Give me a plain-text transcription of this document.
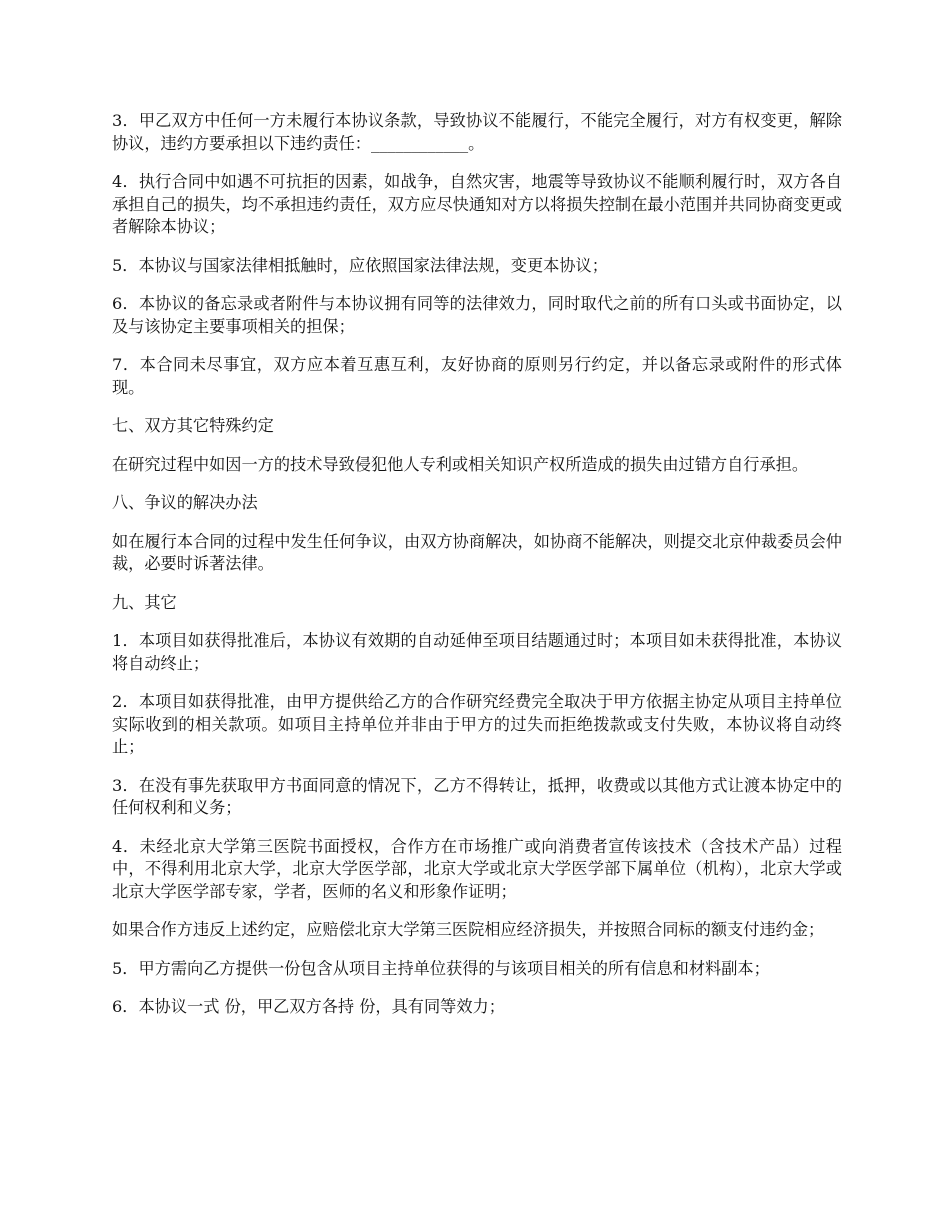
3．甲乙双方中任何一方未履行本协议条款，导致协议不能履行，不能完全履行，对方有权变更，解除协议，违约方要承担以下违约责任：____________。

4．执行合同中如遇不可抗拒的因素，如战争，自然灾害，地震等导致协议不能顺利履行时，双方各自承担自己的损失，均不承担违约责任，双方应尽快通知对方以将损失控制在最小范围并共同协商变更或者解除本协议；

5．本协议与国家法律相抵触时，应依照国家法律法规，变更本协议；

6．本协议的备忘录或者附件与本协议拥有同等的法律效力，同时取代之前的所有口头或书面协定，以及与该协定主要事项相关的担保；

7．本合同未尽事宜，双方应本着互惠互利，友好协商的原则另行约定，并以备忘录或附件的形式体现。

七、双方其它特殊约定

在研究过程中如因一方的技术导致侵犯他人专利或相关知识产权所造成的损失由过错方自行承担。

八、争议的解决办法

如在履行本合同的过程中发生任何争议，由双方协商解决，如协商不能解决，则提交北京仲裁委员会仲裁，必要时诉著法律。

九、其它

1．本项目如获得批准后，本协议有效期的自动延伸至项目结题通过时；本项目如未获得批准，本协议将自动终止；

2．本项目如获得批准，由甲方提供给乙方的合作研究经费完全取决于甲方依据主协定从项目主持单位实际收到的相关款项。如项目主持单位并非由于甲方的过失而拒绝拨款或支付失败，本协议将自动终止；

3．在没有事先获取甲方书面同意的情况下，乙方不得转让，抵押，收费或以其他方式让渡本协定中的任何权利和义务；

4．未经北京大学第三医院书面授权，合作方在市场推广或向消费者宣传该技术（含技术产品）过程中，不得利用北京大学，北京大学医学部，北京大学或北京大学医学部下属单位（机构），北京大学或北京大学医学部专家，学者，医师的名义和形象作证明；

如果合作方违反上述约定，应赔偿北京大学第三医院相应经济损失，并按照合同标的额支付违约金；

5．甲方需向乙方提供一份包含从项目主持单位获得的与该项目相关的所有信息和材料副本；

6．本协议一式 份，甲乙双方各持 份，具有同等效力；
